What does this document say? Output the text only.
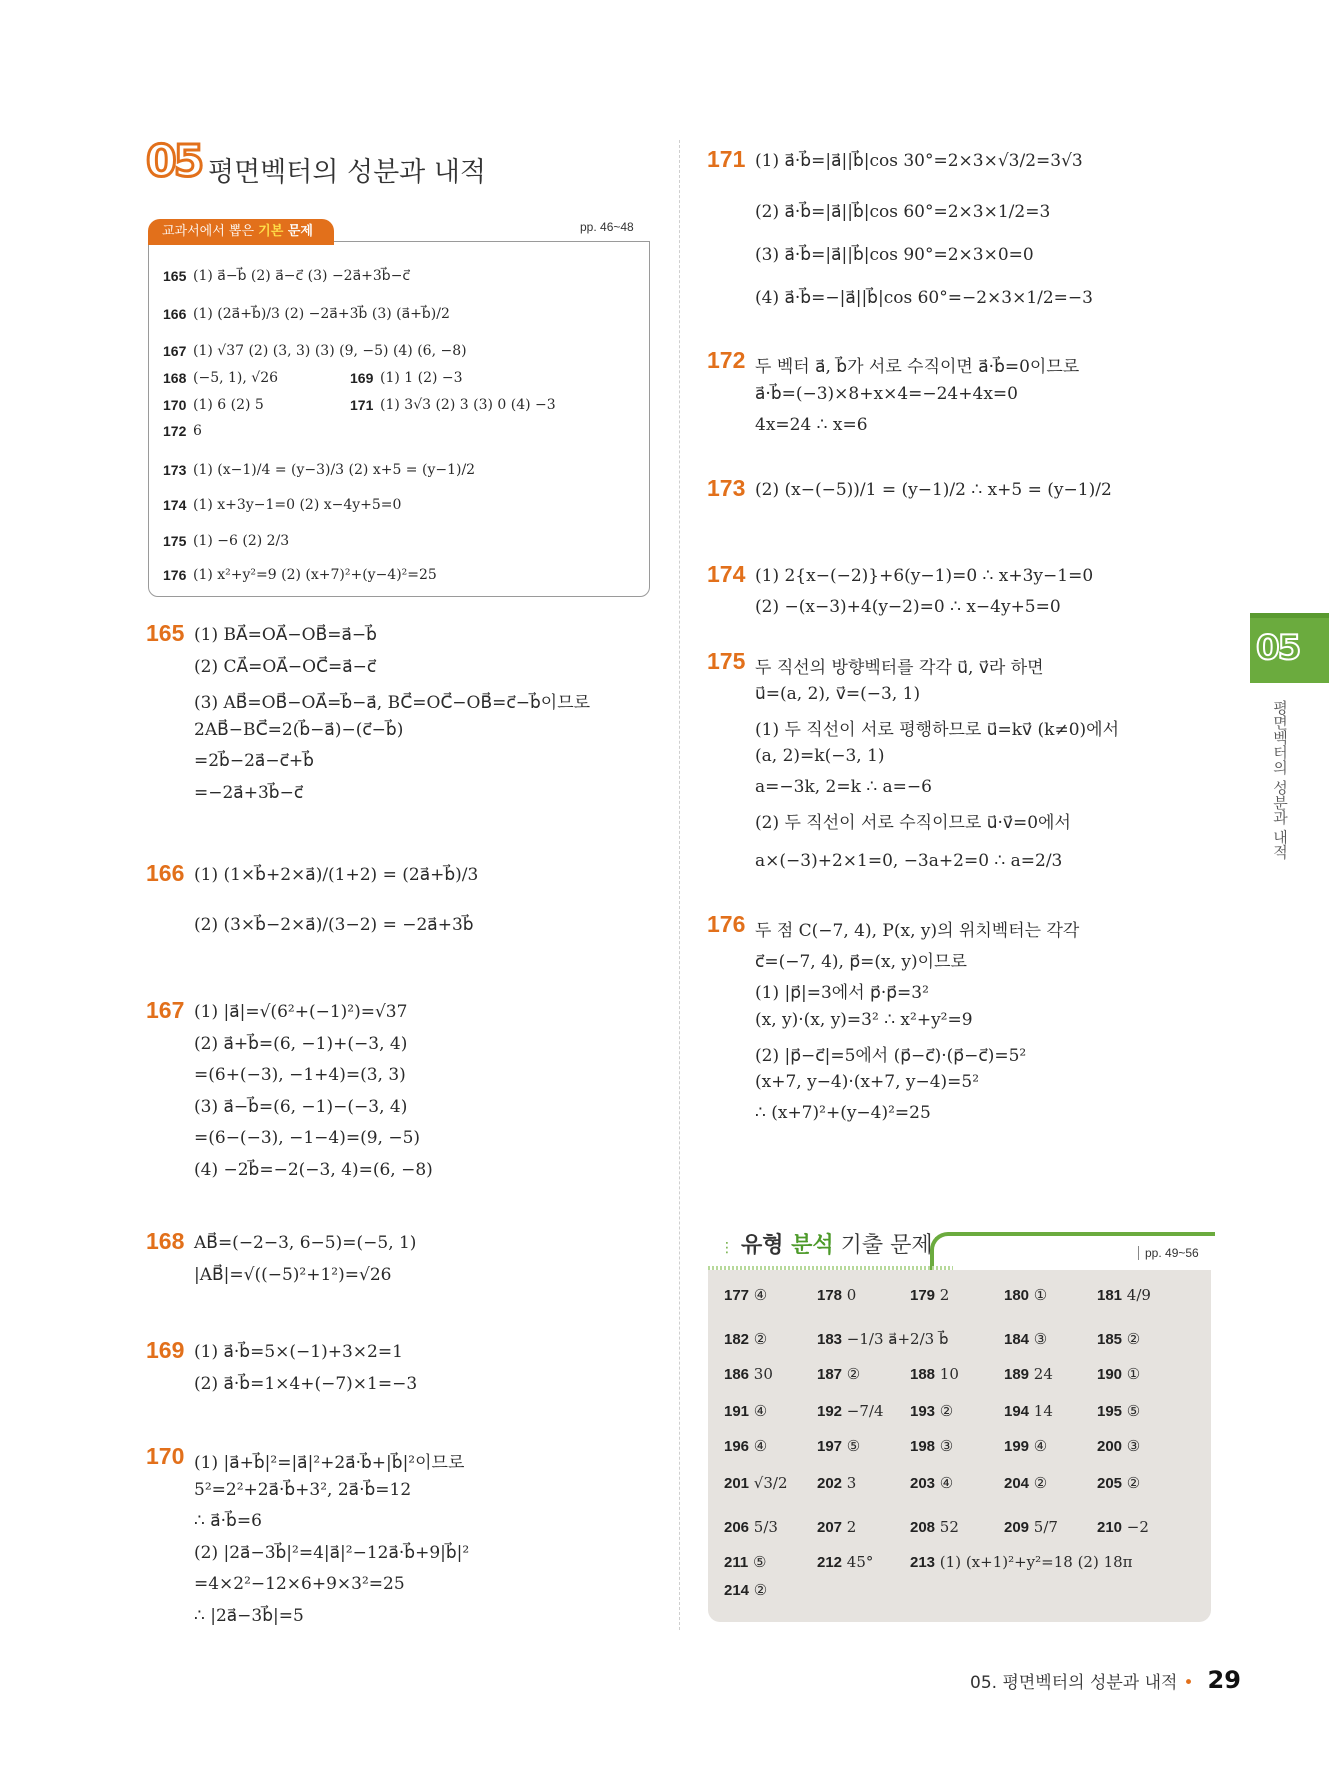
05 평면벡터의 성분과 내적
교과서에서 뽑은 기본 문제	pp. 46~48
165 (1) a⃗−b⃗ (2) a⃗−c⃗ (3) −2a⃗+3b⃗−c⃗
166 (1) (2a⃗+b⃗)/3 (2) −2a⃗+3b⃗ (3) (a⃗+b⃗)/2
167 (1) √37 (2) (3, 3) (3) (9, −5) (4) (6, −8)
168 (−5, 1), √26	169 (1) 1 (2) −3
170 (1) 6 (2) 5	171 (1) 3√3 (2) 3 (3) 0 (4) −3
172 6
173 (1) (x−1)/4 = (y−3)/3 (2) x+5 = (y−1)/2
174 (1) x+3y−1=0 (2) x−4y+5=0
175 (1) −6 (2) 2/3
176 (1) x²+y²=9 (2) (x+7)²+(y−4)²=25
165 (1) BA⃗=OA⃗−OB⃗=a⃗−b⃗
(2) CA⃗=OA⃗−OC⃗=a⃗−c⃗
(3) AB⃗=OB⃗−OA⃗=b⃗−a⃗, BC⃗=OC⃗−OB⃗=c⃗−b⃗이므로
2AB⃗−BC⃗=2(b⃗−a⃗)−(c⃗−b⃗)
=2b⃗−2a⃗−c⃗+b⃗
=−2a⃗+3b⃗−c⃗
166 (1) (1×b⃗+2×a⃗)/(1+2) = (2a⃗+b⃗)/3
(2) (3×b⃗−2×a⃗)/(3−2) = −2a⃗+3b⃗
167 (1) |a⃗|=√(6²+(−1)²)=√37
(2) a⃗+b⃗=(6, −1)+(−3, 4)
=(6+(−3), −1+4)=(3, 3)
(3) a⃗−b⃗=(6, −1)−(−3, 4)
=(6−(−3), −1−4)=(9, −5)
(4) −2b⃗=−2(−3, 4)=(6, −8)
168 AB⃗=(−2−3, 6−5)=(−5, 1)
|AB⃗|=√((−5)²+1²)=√26
169 (1) a⃗·b⃗=5×(−1)+3×2=1
(2) a⃗·b⃗=1×4+(−7)×1=−3
170 (1) |a⃗+b⃗|²=|a⃗|²+2a⃗·b⃗+|b⃗|²이므로
5²=2²+2a⃗·b⃗+3², 2a⃗·b⃗=12
∴ a⃗·b⃗=6
(2) |2a⃗−3b⃗|²=4|a⃗|²−12a⃗·b⃗+9|b⃗|²
=4×2²−12×6+9×3²=25
∴ |2a⃗−3b⃗|=5
171 (1) a⃗·b⃗=|a⃗||b⃗|cos 30°=2×3×√3/2=3√3
(2) a⃗·b⃗=|a⃗||b⃗|cos 60°=2×3×1/2=3
(3) a⃗·b⃗=|a⃗||b⃗|cos 90°=2×3×0=0
(4) a⃗·b⃗=−|a⃗||b⃗|cos 60°=−2×3×1/2=−3
172 두 벡터 a⃗, b⃗가 서로 수직이면 a⃗·b⃗=0이므로
a⃗·b⃗=(−3)×8+x×4=−24+4x=0
4x=24 ∴ x=6
173 (2) (x−(−5))/1 = (y−1)/2 ∴ x+5 = (y−1)/2
174 (1) 2{x−(−2)}+6(y−1)=0 ∴ x+3y−1=0
(2) −(x−3)+4(y−2)=0 ∴ x−4y+5=0
175 두 직선의 방향벡터를 각각 u⃗, v⃗라 하면
u⃗=(a, 2), v⃗=(−3, 1)
(1) 두 직선이 서로 평행하므로 u⃗=kv⃗ (k≠0)에서
(a, 2)=k(−3, 1)
a=−3k, 2=k ∴ a=−6
(2) 두 직선이 서로 수직이므로 u⃗·v⃗=0에서
a×(−3)+2×1=0, −3a+2=0 ∴ a=2/3
176 두 점 C(−7, 4), P(x, y)의 위치벡터는 각각
c⃗=(−7, 4), p⃗=(x, y)이므로
(1) |p⃗|=3에서 p⃗·p⃗=3²
(x, y)·(x, y)=3² ∴ x²+y²=9
(2) |p⃗−c⃗|=5에서 (p⃗−c⃗)·(p⃗−c⃗)=5²
(x+7, y−4)·(x+7, y−4)=5²
∴ (x+7)²+(y−4)²=25
05
평면벡터의 성분과 내적
⋮ 유형 분석 기출 문제	pp. 49~56
177 ④	178 0	179 2	180 ①	181 4/9
182 ②	183 −1/3 a⃗+2/3 b⃗	184 ③	185 ②
186 30	187 ②	188 10	189 24	190 ①
191 ④	192 −7/4 193 ②	194 14	195 ⑤
196 ④	197 ⑤	198 ③	199 ④	200 ③
201 √3/2 202 3	203 ④	204 ②	205 ②
206 5/3	207 2	208 52	209 5/7	210 −2
211 ⑤	212 45° 213 (1) (x+1)²+y²=18 (2) 18π
214 ②
05. 평면벡터의 성분과 내적 • 29
